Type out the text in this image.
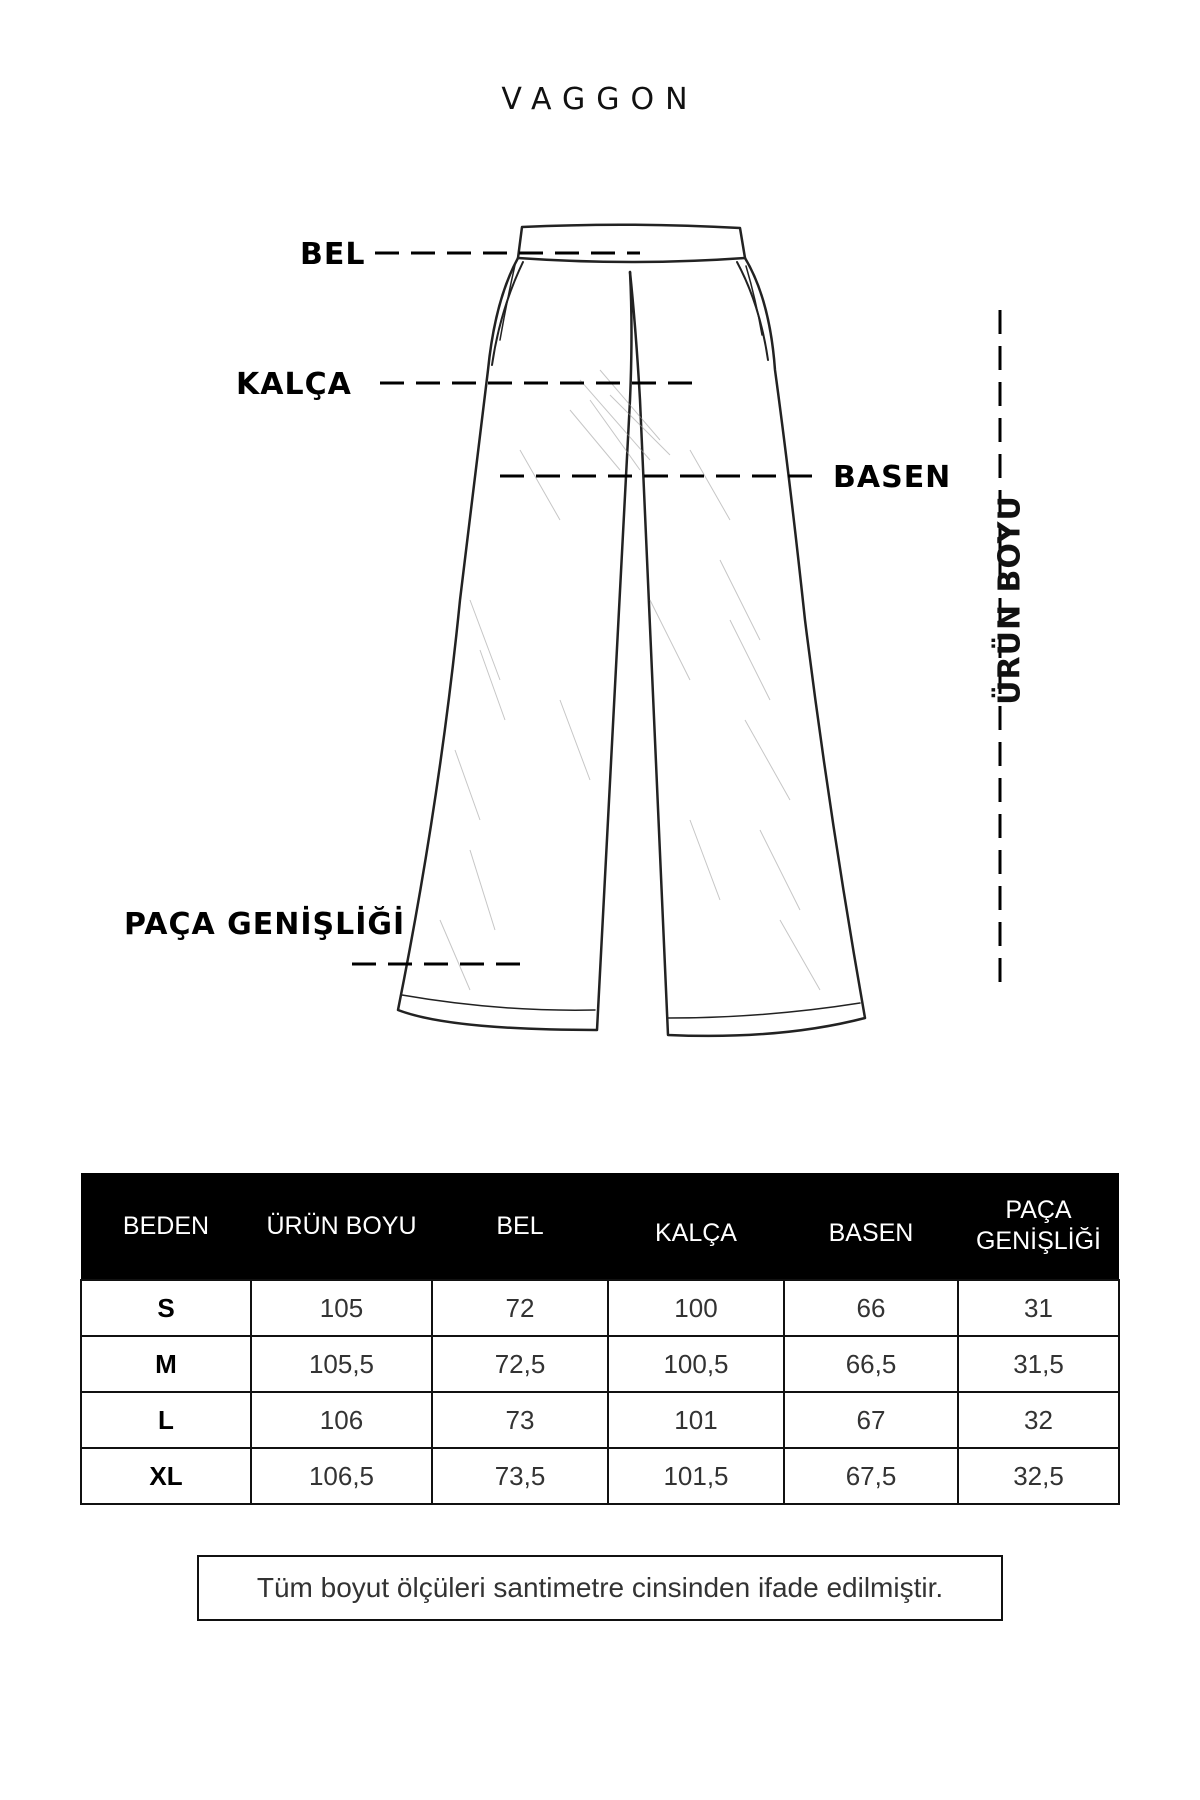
VAGGON
BEL
KALÇA
BASEN
PAÇA GENİŞLİĞİ
ÜRÜN BOYU
BEDEN	ÜRÜN BOYU	BEL	KALÇA	BASEN	PAÇA
GENİŞLİĞİ
S	105	72	100	66	31
M	105,5	72,5	100,5	66,5	31,5
L	106	73	101	67	32
XL	106,5	73,5	101,5	67,5	32,5
Tüm boyut ölçüleri santimetre cinsinden ifade edilmiştir.
